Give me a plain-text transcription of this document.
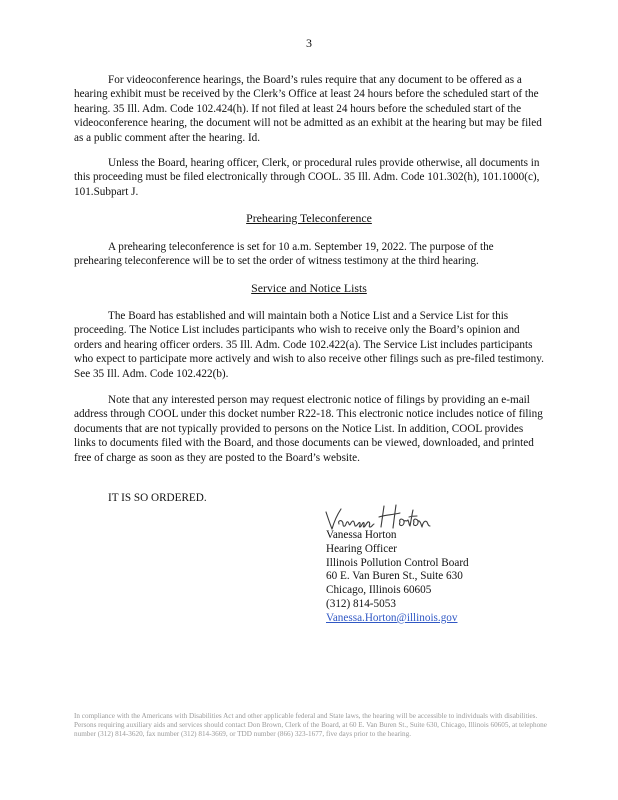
3

For videoconference hearings, the Board’s rules require that any document to be offered as a hearing exhibit must be received by the Clerk’s Office at least 24 hours before the scheduled start of the hearing. 35 Ill. Adm. Code 102.424(h). If not filed at least 24 hours before the scheduled start of the videoconference hearing, the document will not be admitted as an exhibit at the hearing but may be filed as a public comment after the hearing. Id.

Unless the Board, hearing officer, Clerk, or procedural rules provide otherwise, all documents in this proceeding must be filed electronically through COOL. 35 Ill. Adm. Code 101.302(h), 101.1000(c), 101.Subpart J.

Prehearing Teleconference

A prehearing teleconference is set for 10 a.m. September 19, 2022. The purpose of the prehearing teleconference will be to set the order of witness testimony at the third hearing.

Service and Notice Lists

The Board has established and will maintain both a Notice List and a Service List for this proceeding. The Notice List includes participants who wish to receive only the Board’s opinion and orders and hearing officer orders. 35 Ill. Adm. Code 102.422(a). The Service List includes participants who expect to participate more actively and wish to also receive other filings such as pre-filed testimony. See 35 Ill. Adm. Code 102.422(b).

Note that any interested person may request electronic notice of filings by providing an e-mail address through COOL under this docket number R22-18. This electronic notice includes notice of filing documents that are not typically provided to persons on the Notice List. In addition, COOL provides links to documents filed with the Board, and those documents can be viewed, downloaded, and printed free of charge as soon as they are posted to the Board’s website.

IT IS SO ORDERED.

Vanessa Horton
Hearing Officer
Illinois Pollution Control Board
60 E. Van Buren St., Suite 630
Chicago, Illinois 60605
(312) 814-5053
Vanessa.Horton@illinois.gov
In compliance with the Americans with Disabilities Act and other applicable federal and State laws, the hearing will be accessible to individuals with disabilities. Persons requiring auxiliary aids and services should contact Don Brown, Clerk of the Board, at 60 E. Van Buren St., Suite 630, Chicago, Illinois 60605, at telephone number (312) 814-3620, fax number (312) 814-3669, or TDD number (866) 323-1677, five days prior to the hearing.
